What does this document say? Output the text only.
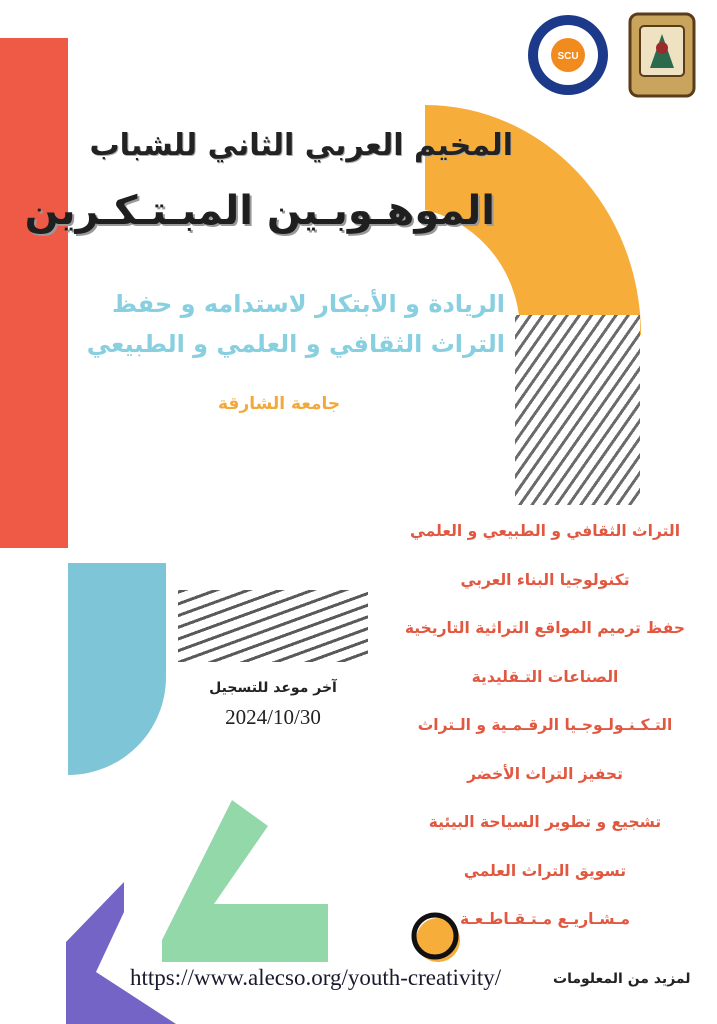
SCU
المخيم العربي الثاني للشباب
الموهـوبـين المبـتـكـرين
الريادة و الأبتكار لاستدامه و حفظ
التراث الثقافي و العلمي و الطبيعي
جامعة الشارقة
التراث الثقافي و الطبيعي و العلمي
تكنولوجيا البناء العربي
حفظ ترميم المواقع التراثية التاريخية
الصناعات التـقليدية
التـكـنـولـوجـيا الرقـمـية و الـتراث
تحفيز التراث الأخضر
تشجيع و تطوير السياحة البيئية
تسويق التراث العلمي
مـشـاريـع مـتـقـاطـعـة
آخر موعد للتسجيل
2024/10/30
https://www.alecso.org/youth-creativity/	لمزيد من المعلومات
